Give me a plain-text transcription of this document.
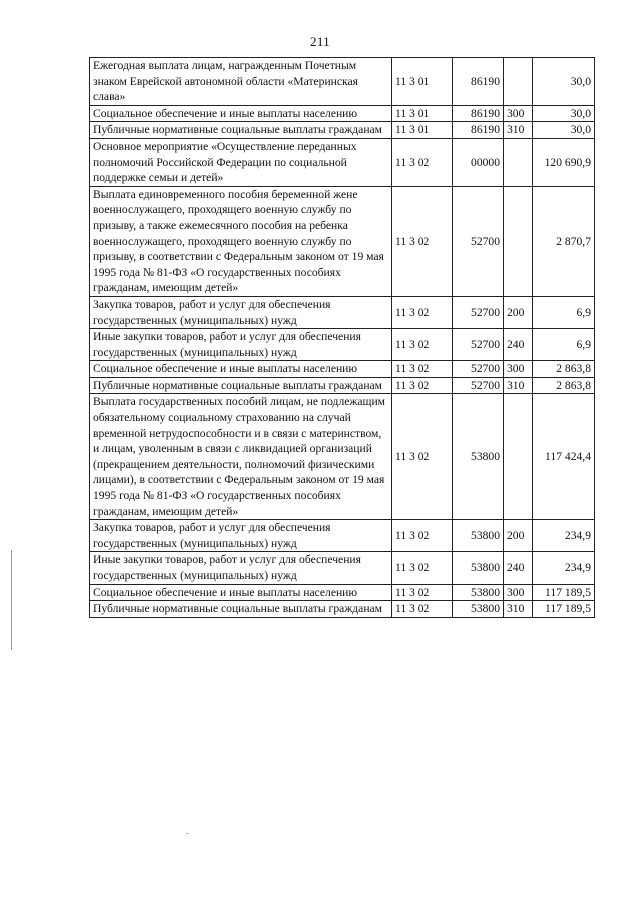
211
Ежегодная выплата лицам, награжденным Почетным знаком Еврейской автономной области «Материнская слава»	11 3 01	86190		30,0
Социальное обеспечение и иные выплаты населению	11 3 01	86190	300	30,0
Публичные нормативные социальные выплаты гражданам	11 3 01	86190	310	30,0
Основное мероприятие «Осуществление переданных полномочий Российской Федерации по социальной поддержке семьи и детей»	11 3 02	00000		120 690,9
Выплата единовременного пособия беременной жене военнослужащего, проходящего военную службу по призыву, а также ежемесячного пособия на ребенка военнослужащего, проходящего военную службу по призыву, в соответствии с Федеральным законом от 19 мая 1995 года № 81-ФЗ «О государственных пособиях гражданам, имеющим детей»	11 3 02	52700		2 870,7
Закупка товаров, работ и услуг для обеспечения государственных (муниципальных) нужд	11 3 02	52700	200	6,9
Иные закупки товаров, работ и услуг для обеспечения государственных (муниципальных) нужд	11 3 02	52700	240	6,9
Социальное обеспечение и иные выплаты населению	11 3 02	52700	300	2 863,8
Публичные нормативные социальные выплаты гражданам	11 3 02	52700	310	2 863,8
Выплата государственных пособий лицам, не подлежащим обязательному социальному страхованию на случай временной нетрудоспособности и в связи с материнством, и лицам, уволенным в связи с ликвидацией организаций (прекращением деятельности, полномочий физическими лицами), в соответствии с Федеральным законом от 19 мая 1995 года № 81-ФЗ «О государственных пособиях гражданам, имеющим детей»	11 3 02	53800		117 424,4
Закупка товаров, работ и услуг для обеспечения государственных (муниципальных) нужд	11 3 02	53800	200	234,9
Иные закупки товаров, работ и услуг для обеспечения государственных (муниципальных) нужд	11 3 02	53800	240	234,9
Социальное обеспечение и иные выплаты населению	11 3 02	53800	300	117 189,5
Публичные нормативные социальные выплаты гражданам	11 3 02	53800	310	117 189,5
